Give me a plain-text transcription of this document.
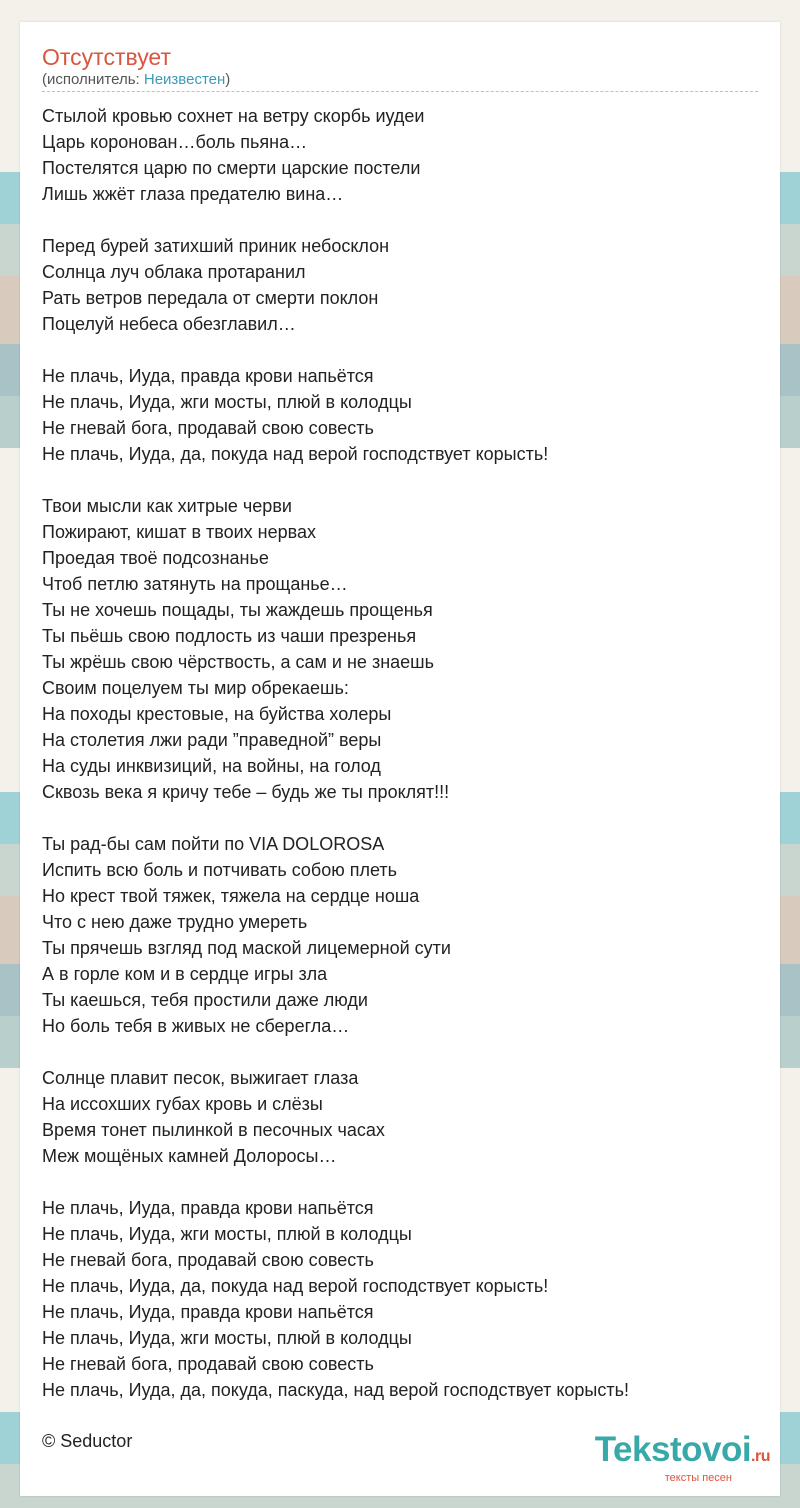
Отсутствует
(исполнитель: Неизвестен)
Стылой кровью сохнет на ветру скорбь иудеи
Царь коронован…боль пьяна…
Постелятся царю по смерти царские постели
Лишь жжёт глаза предателю вина…
Перед бурей затихший приник небосклон
Солнца луч облака протаранил
Рать ветров передала от смерти поклон
Поцелуй небеса обезглавил…
Не плачь, Иуда, правда крови напьётся
Не плачь, Иуда, жги мосты, плюй в колодцы
Не гневай бога, продавай свою совесть
Не плачь, Иуда, да, покуда над верой господствует корысть!
Твои мысли как хитрые черви
Пожирают, кишат в твоих нервах
Проедая твоё подсознанье
Чтоб петлю затянуть на прощанье…
Ты не хочешь пощады, ты жаждешь прощенья
Ты пьёшь свою подлость из чаши презренья
Ты жрёшь свою чёрствость, а сам и не знаешь
Своим поцелуем ты мир обрекаешь:
На походы крестовые, на буйства холеры
На столетия лжи ради ”праведной” веры
На суды инквизиций, на войны, на голод
Сквозь века я кричу тебе – будь же ты проклят!!!
Ты рад-бы сам пойти по VIA DOLOROSA
Испить всю боль и потчивать собою плеть
Но крест твой тяжек, тяжела на сердце ноша
Что с нею даже трудно умереть
Ты прячешь взгляд под маской лицемерной сути
А в горле ком и в сердце игры зла
Ты каешься, тебя простили даже люди
Но боль тебя в живых не сберегла…
Солнце плавит песок, выжигает глаза
На иссохших губах кровь и слёзы
Время тонет пылинкой в песочных часах
Меж мощёных камней Долоросы…
Не плачь, Иуда, правда крови напьётся
Не плачь, Иуда, жги мосты, плюй в колодцы
Не гневай бога, продавай свою совесть
Не плачь, Иуда, да, покуда над верой господствует корысть!
Не плачь, Иуда, правда крови напьётся
Не плачь, Иуда, жги мосты, плюй в колодцы
Не гневай бога, продавай свою совесть
Не плачь, Иуда, да, покуда, паскуда, над верой господствует корысть!
© Seductor	Tekstovoi.ru
тексты песен
